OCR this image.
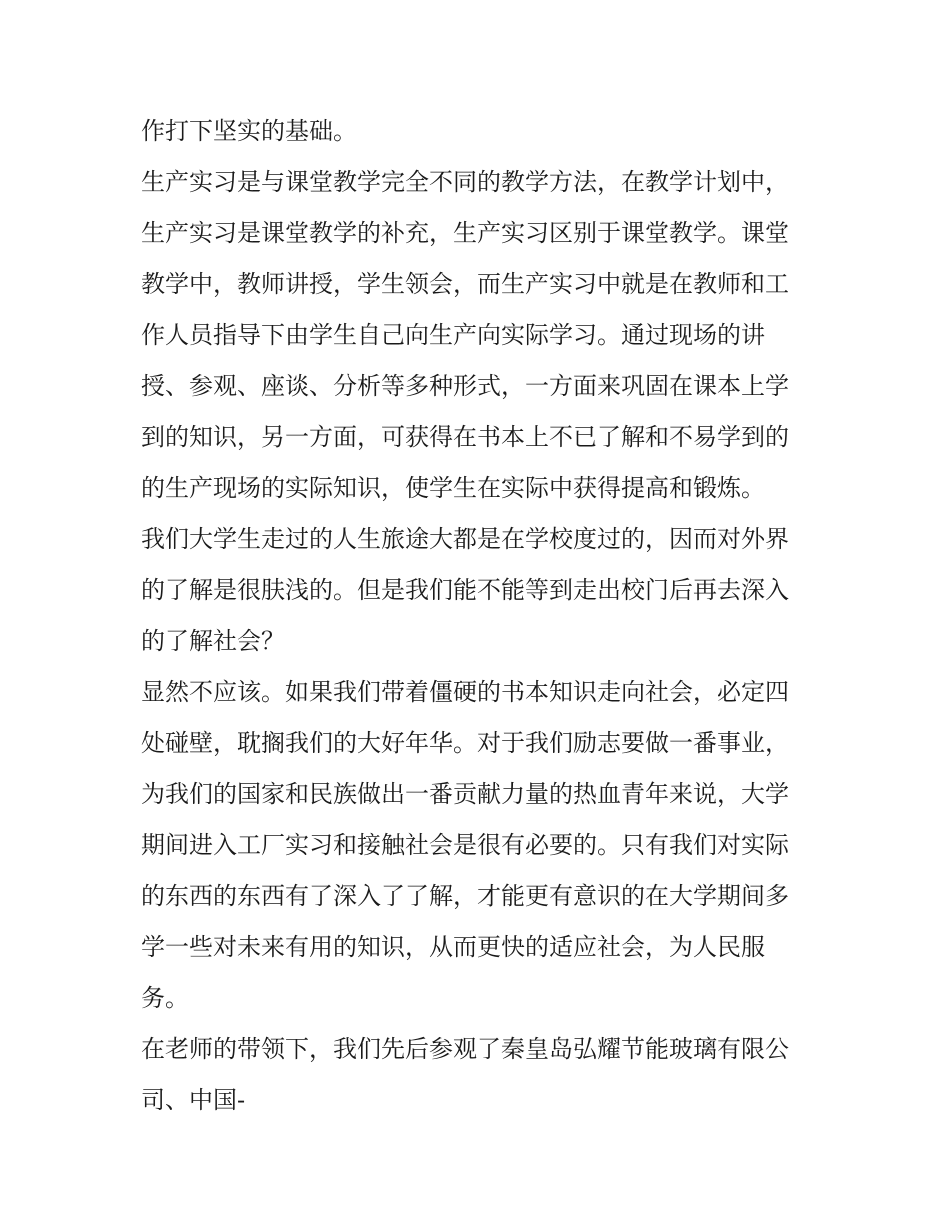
作打下坚实的基础。
生产实习是与课堂教学完全不同的教学方法，在教学计划中，
生产实习是课堂教学的补充，生产实习区别于课堂教学。课堂
教学中，教师讲授，学生领会，而生产实习中就是在教师和工
作人员指导下由学生自己向生产向实际学习。通过现场的讲
授、参观、座谈、分析等多种形式，一方面来巩固在课本上学
到的知识，另一方面，可获得在书本上不已了解和不易学到的
的生产现场的实际知识，使学生在实际中获得提高和锻炼。
我们大学生走过的人生旅途大都是在学校度过的，因而对外界
的了解是很肤浅的。但是我们能不能等到走出校门后再去深入
的了解社会？
显然不应该。如果我们带着僵硬的书本知识走向社会，必定四
处碰壁，耽搁我们的大好年华。对于我们励志要做一番事业，
为我们的国家和民族做出一番贡献力量的热血青年来说，大学
期间进入工厂实习和接触社会是很有必要的。只有我们对实际
的东西的东西有了深入了了解，才能更有意识的在大学期间多
学一些对未来有用的知识，从而更快的适应社会，为人民服
务。
在老师的带领下，我们先后参观了秦皇岛弘耀节能玻璃有限公
司、中国-
